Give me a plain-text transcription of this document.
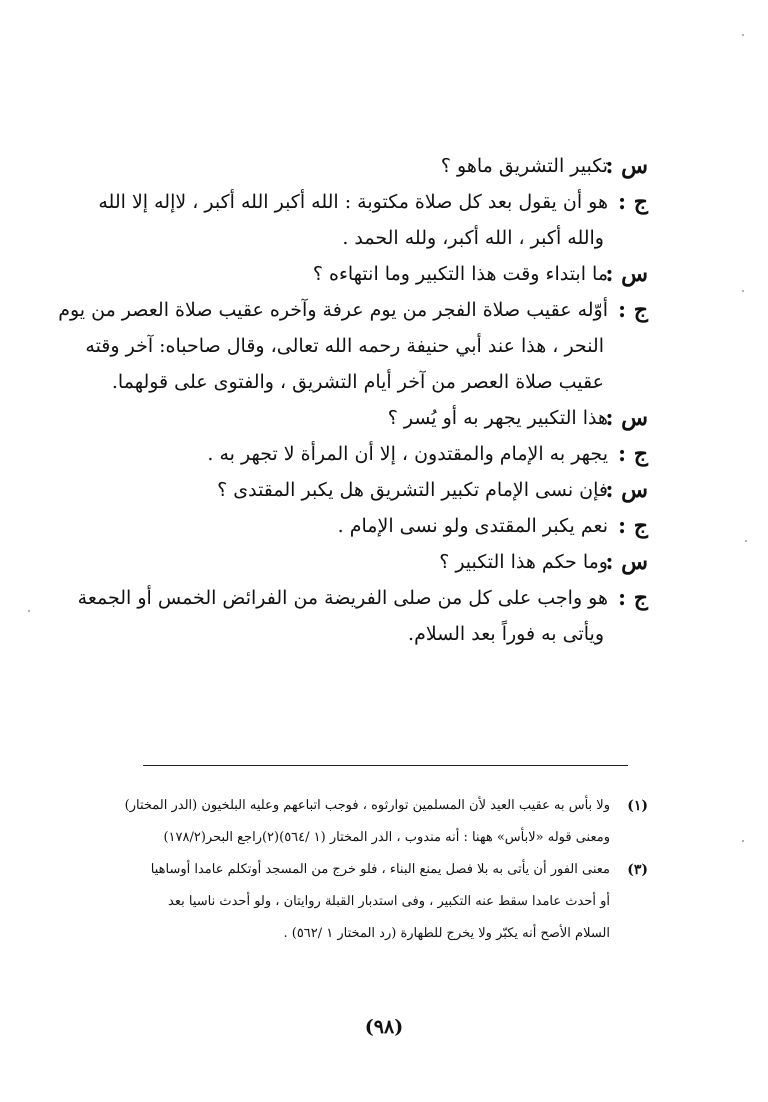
س :
تكبير التشريق ماهو ؟
ج :
هو أن يقول بعد كل صلاة مكتوبة : الله أكبر الله أكبر ، لاإله إلا الله
والله أكبر ، الله أكبر، ولله الحمد .
س :
ما ابتداء وقت هذا التكبير وما انتهاءه ؟
ج :
أوّله عقيب صلاة الفجر من يوم عرفة وآخره عقيب صلاة العصر من يوم
النحر ، هذا عند أبي حنيفة رحمه الله تعالى، وقال صاحباه: آخر وقته
عقيب صلاة العصر من آخر أيام التشريق ، والفتوى على قولهما.
س :
هذا التكبير يجهر به أو يُسر ؟
ج :
يجهر به الإمام والمقتدون ، إلا أن المرأة لا تجهر به .
س :
فإن نسى الإمام تكبير التشريق هل يكبر المقتدى ؟
ج :
نعم يكبر المقتدى ولو نسى الإمام .
س :
وما حكم هذا التكبير ؟
ج :
هو واجب على كل من صلى الفريضة من الفرائض الخمس أو الجمعة
ويأتى به فوراً بعد السلام.
(١)
ولا بأس به عقيب العيد لأن المسلمين توارثوه ، فوجب اتباعهم وعليه البلخيون (الدر المختار)
ومعنى قوله «لابأس» ههنا : أنه مندوب ، الدر المختار (١ /٥٦٤)(٢)راجع البحر(١٧٨/٢)
(٣)
معنى الفور أن يأتى به بلا فصل يمنع البناء ، فلو خرج من المسجد أوتكلم عامدا أوساهيا
أو أحدث عامدا سقط عنه التكبير ، وفى استدبار القبلة روايتان ، ولو أحدث ناسيا بعد
السلام الأصح أنه يكبّر ولا يخرج للطهارة (رد المختار ١ /٥٦٢) .
(٩٨)
